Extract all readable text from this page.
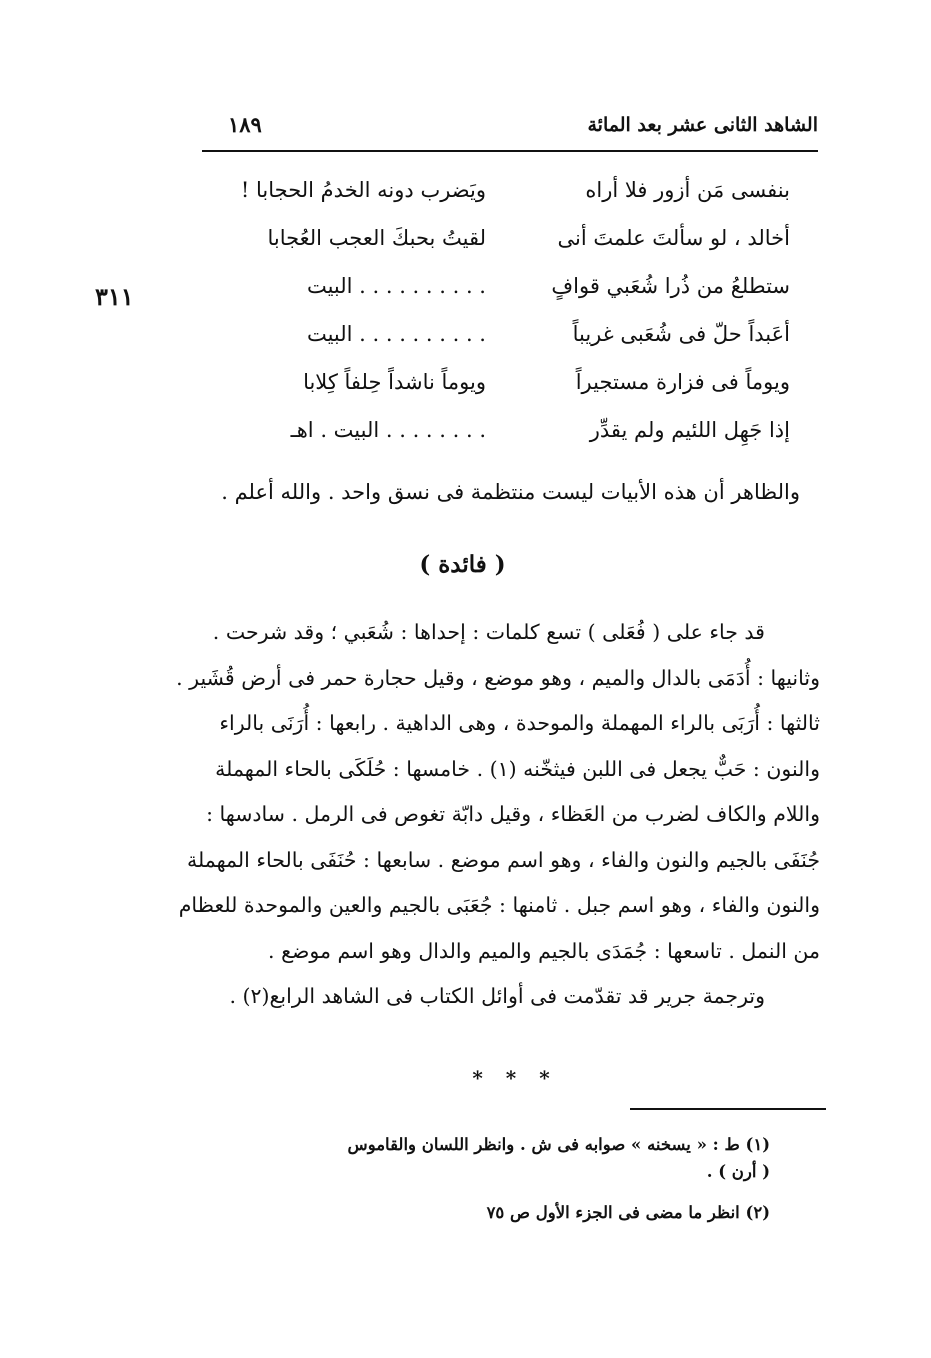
الشاهد الثانى عشر بعد المائة
١٨٩
٣١١
بنفسى مَن أزور فلا أراه
ويَضرب دونه الخدمُ الحجابا !
أخالد ، لو سألتَ علمتَ أنى
لقيتُ بحبكَ العجب العُجابا
ستطلعُ من ذُرا شُعَبي قوافٍ
. . . . . . . . . . البيت
أعَبداً حلّ فى شُعَبى غريباً
. . . . . . . . . . البيت
ويوماً فى فزارة مستجيراً
ويوماً ناشداً حِلفاً كِلابا
إذا جَهِل اللئيم ولم يقدِّر
. . . . . . . . البيت . اهـ
والظاهر أن هذه الأبيات ليست منتظمة فى نسق واحد . والله أعلم .
( فائدة )
قد جاء على ( فُعَلى ) تسع كلمات : إحداها : شُعَبي ؛ وقد شرحت .
وثانيها : أُدَمَى بالدال والميم ، وهو موضع ، وقيل حجارة حمر فى أرض قُشَير .
ثالثها : أُرَبَى بالراء المهملة والموحدة ، وهى الداهية . رابعها : أُرَنَى بالراء
والنون : حَبٌّ يجعل فى اللبن فيثخّنه (١) . خامسها : حُلَكَى بالحاء المهملة
واللام والكاف لضرب من العَظاء ، وقيل دابّة تغوص فى الرمل . سادسها :
جُنَفَى بالجيم والنون والفاء ، وهو اسم موضع . سابعها : حُنَفَى بالحاء المهملة
والنون والفاء ، وهو اسم جبل . ثامنها : جُعَبَى بالجيم والعين والموحدة للعظام
من النمل . تاسعها : جُمَدَى بالجيم والميم والدال وهو اسم موضع .
وترجمة جرير قد تقدّمت فى أوائل الكتاب فى الشاهد الرابع(٢) .
* * *
(١) ط : « يسخنه » صوابه فى ش . وانظر اللسان والقاموس
( أرن ) .
(٢) انظر ما مضى فى الجزء الأول ص ٧٥
